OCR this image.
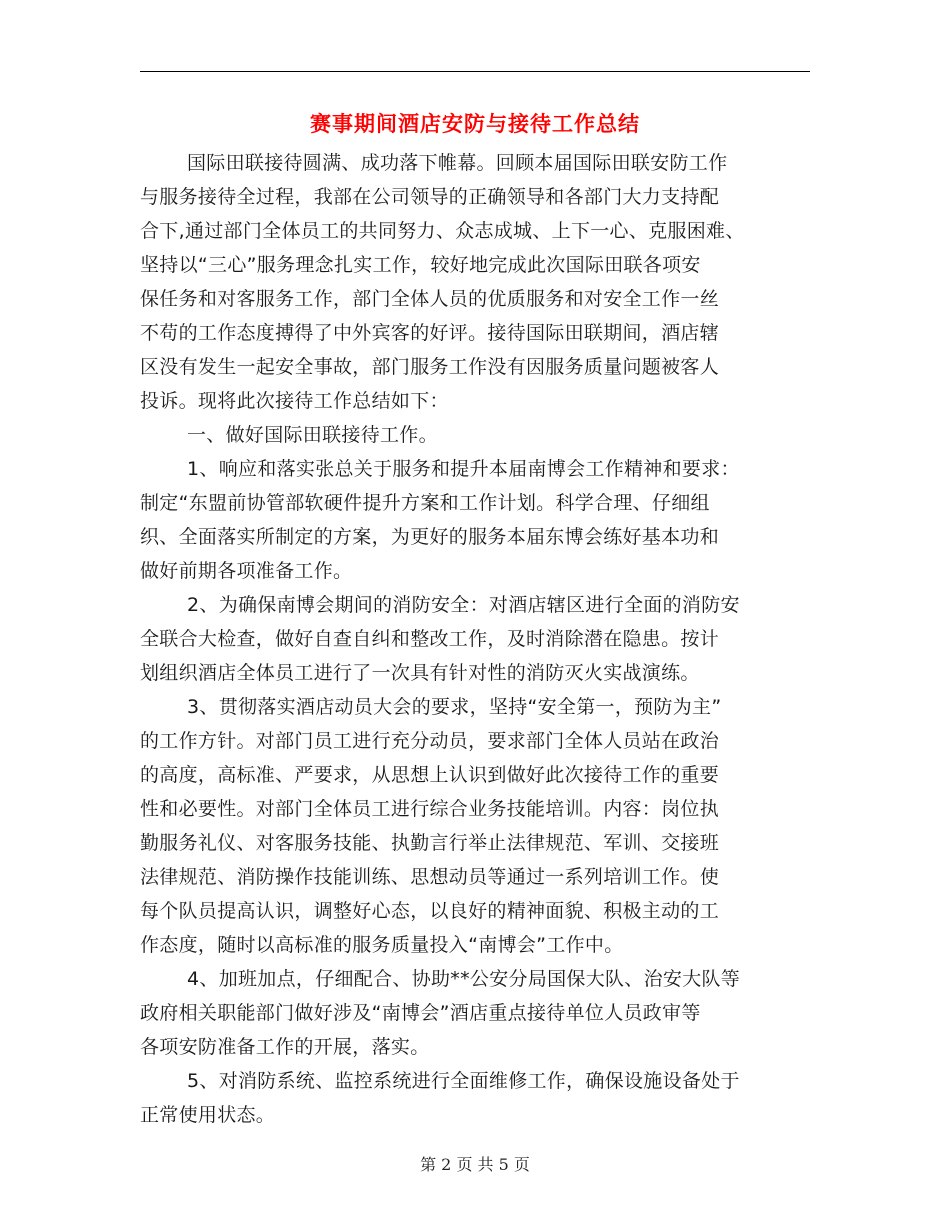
赛事期间酒店安防与接待工作总结
国际田联接待圆满、成功落下帷幕。回顾本届国际田联安防工作
与服务接待全过程，我部在公司领导的正确领导和各部门大力支持配
合下,通过部门全体员工的共同努力、众志成城、上下一心、克服困难、
坚持以“三心”服务理念扎实工作，较好地完成此次国际田联各项安
保任务和对客服务工作，部门全体人员的优质服务和对安全工作一丝
不苟的工作态度搏得了中外宾客的好评。接待国际田联期间，酒店辖
区没有发生一起安全事故，部门服务工作没有因服务质量问题被客人
投诉。现将此次接待工作总结如下：
一、做好国际田联接待工作。
1、响应和落实张总关于服务和提升本届南博会工作精神和要求：
制定“东盟前协管部软硬件提升方案和工作计划。科学合理、仔细组
织、全面落实所制定的方案，为更好的服务本届东博会练好基本功和
做好前期各项准备工作。
2、为确保南博会期间的消防安全：对酒店辖区进行全面的消防安
全联合大检查，做好自查自纠和整改工作，及时消除潜在隐患。按计
划组织酒店全体员工进行了一次具有针对性的消防灭火实战演练。
3、贯彻落实酒店动员大会的要求，坚持“安全第一，预防为主”
的工作方针。对部门员工进行充分动员，要求部门全体人员站在政治
的高度，高标准、严要求，从思想上认识到做好此次接待工作的重要
性和必要性。对部门全体员工进行综合业务技能培训。内容：岗位执
勤服务礼仪、对客服务技能、执勤言行举止法律规范、军训、交接班
法律规范、消防操作技能训练、思想动员等通过一系列培训工作。使
每个队员提高认识，调整好心态，以良好的精神面貌、积极主动的工
作态度，随时以高标准的服务质量投入“南博会”工作中。
4、加班加点，仔细配合、协助**公安分局国保大队、治安大队等
政府相关职能部门做好涉及“南博会”酒店重点接待单位人员政审等
各项安防准备工作的开展，落实。
5、对消防系统、监控系统进行全面维修工作，确保设施设备处于
正常使用状态。
第 2 页 共 5 页
